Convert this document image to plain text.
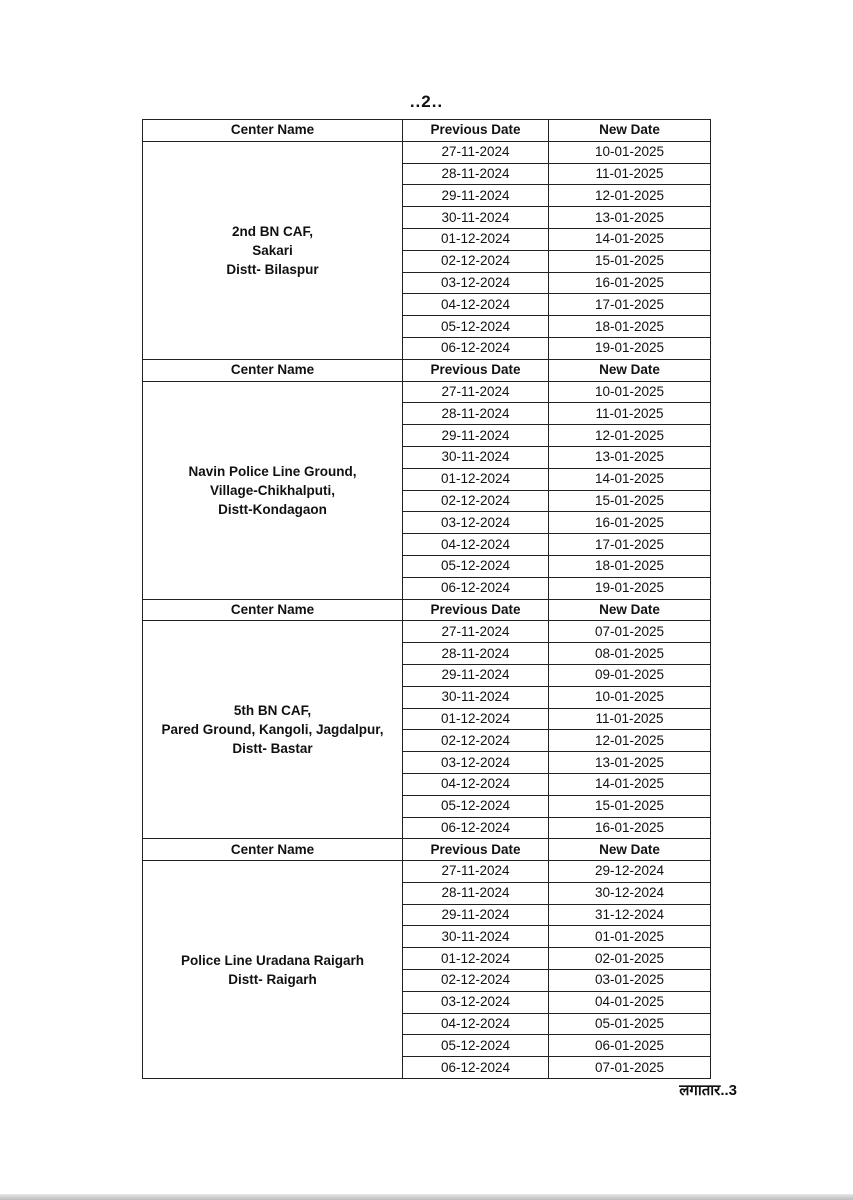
..2..
Center Name	Previous Date	New Date

2nd BN CAF,
Sakari
Distt- Bilaspur	27-11-2024	10-01-2025
	28-11-2024	11-01-2025
	29-11-2024	12-01-2025
	30-11-2024	13-01-2025
	01-12-2024	14-01-2025
	02-12-2024	15-01-2025
	03-12-2024	16-01-2025
	04-12-2024	17-01-2025
	05-12-2024	18-01-2025
	06-12-2024	19-01-2025
Center Name	Previous Date	New Date

Navin Police Line Ground,
Village-Chikhalputi,
Distt-Kondagaon	27-11-2024	10-01-2025
	28-11-2024	11-01-2025
	29-11-2024	12-01-2025
	30-11-2024	13-01-2025
	01-12-2024	14-01-2025
	02-12-2024	15-01-2025
	03-12-2024	16-01-2025
	04-12-2024	17-01-2025
	05-12-2024	18-01-2025
	06-12-2024	19-01-2025
Center Name	Previous Date	New Date

5th BN CAF,
Pared Ground, Kangoli, Jagdalpur,
Distt- Bastar	27-11-2024	07-01-2025
	28-11-2024	08-01-2025
	29-11-2024	09-01-2025
	30-11-2024	10-01-2025
	01-12-2024	11-01-2025
	02-12-2024	12-01-2025
	03-12-2024	13-01-2025
	04-12-2024	14-01-2025
	05-12-2024	15-01-2025
	06-12-2024	16-01-2025
Center Name	Previous Date	New Date

Police Line Uradana Raigarh
Distt- Raigarh	27-11-2024	29-12-2024
	28-11-2024	30-12-2024
	29-11-2024	31-12-2024
	30-11-2024	01-01-2025
	01-12-2024	02-01-2025
	02-12-2024	03-01-2025
	03-12-2024	04-01-2025
	04-12-2024	05-01-2025
	05-12-2024	06-01-2025
	06-12-2024	07-01-2025
लगातार..3
